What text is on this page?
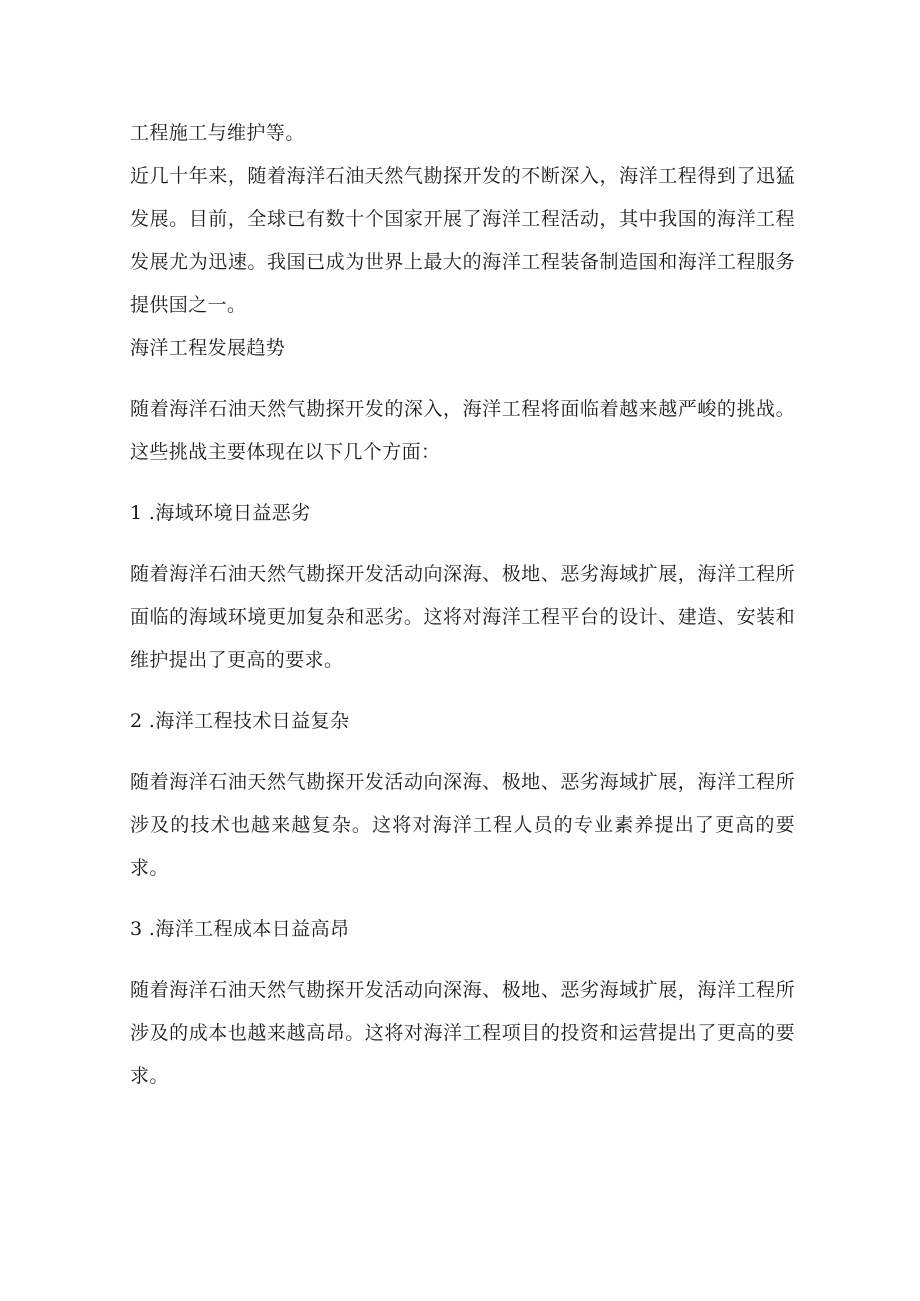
工程施工与维护等。

近几十年来，随着海洋石油天然气勘探开发的不断深入，海洋工程得到了迅猛发展。目前，全球已有数十个国家开展了海洋工程活动，其中我国的海洋工程发展尤为迅速。我国已成为世界上最大的海洋工程装备制造国和海洋工程服务提供国之一。

海洋工程发展趋势

随着海洋石油天然气勘探开发的深入，海洋工程将面临着越来越严峻的挑战。这些挑战主要体现在以下几个方面：

1 .海域环境日益恶劣

随着海洋石油天然气勘探开发活动向深海、极地、恶劣海域扩展，海洋工程所面临的海域环境更加复杂和恶劣。这将对海洋工程平台的设计、建造、安装和维护提出了更高的要求。

2 .海洋工程技术日益复杂

随着海洋石油天然气勘探开发活动向深海、极地、恶劣海域扩展，海洋工程所涉及的技术也越来越复杂。这将对海洋工程人员的专业素养提出了更高的要求。

3 .海洋工程成本日益高昂

随着海洋石油天然气勘探开发活动向深海、极地、恶劣海域扩展，海洋工程所涉及的成本也越来越高昂。这将对海洋工程项目的投资和运营提出了更高的要求。
